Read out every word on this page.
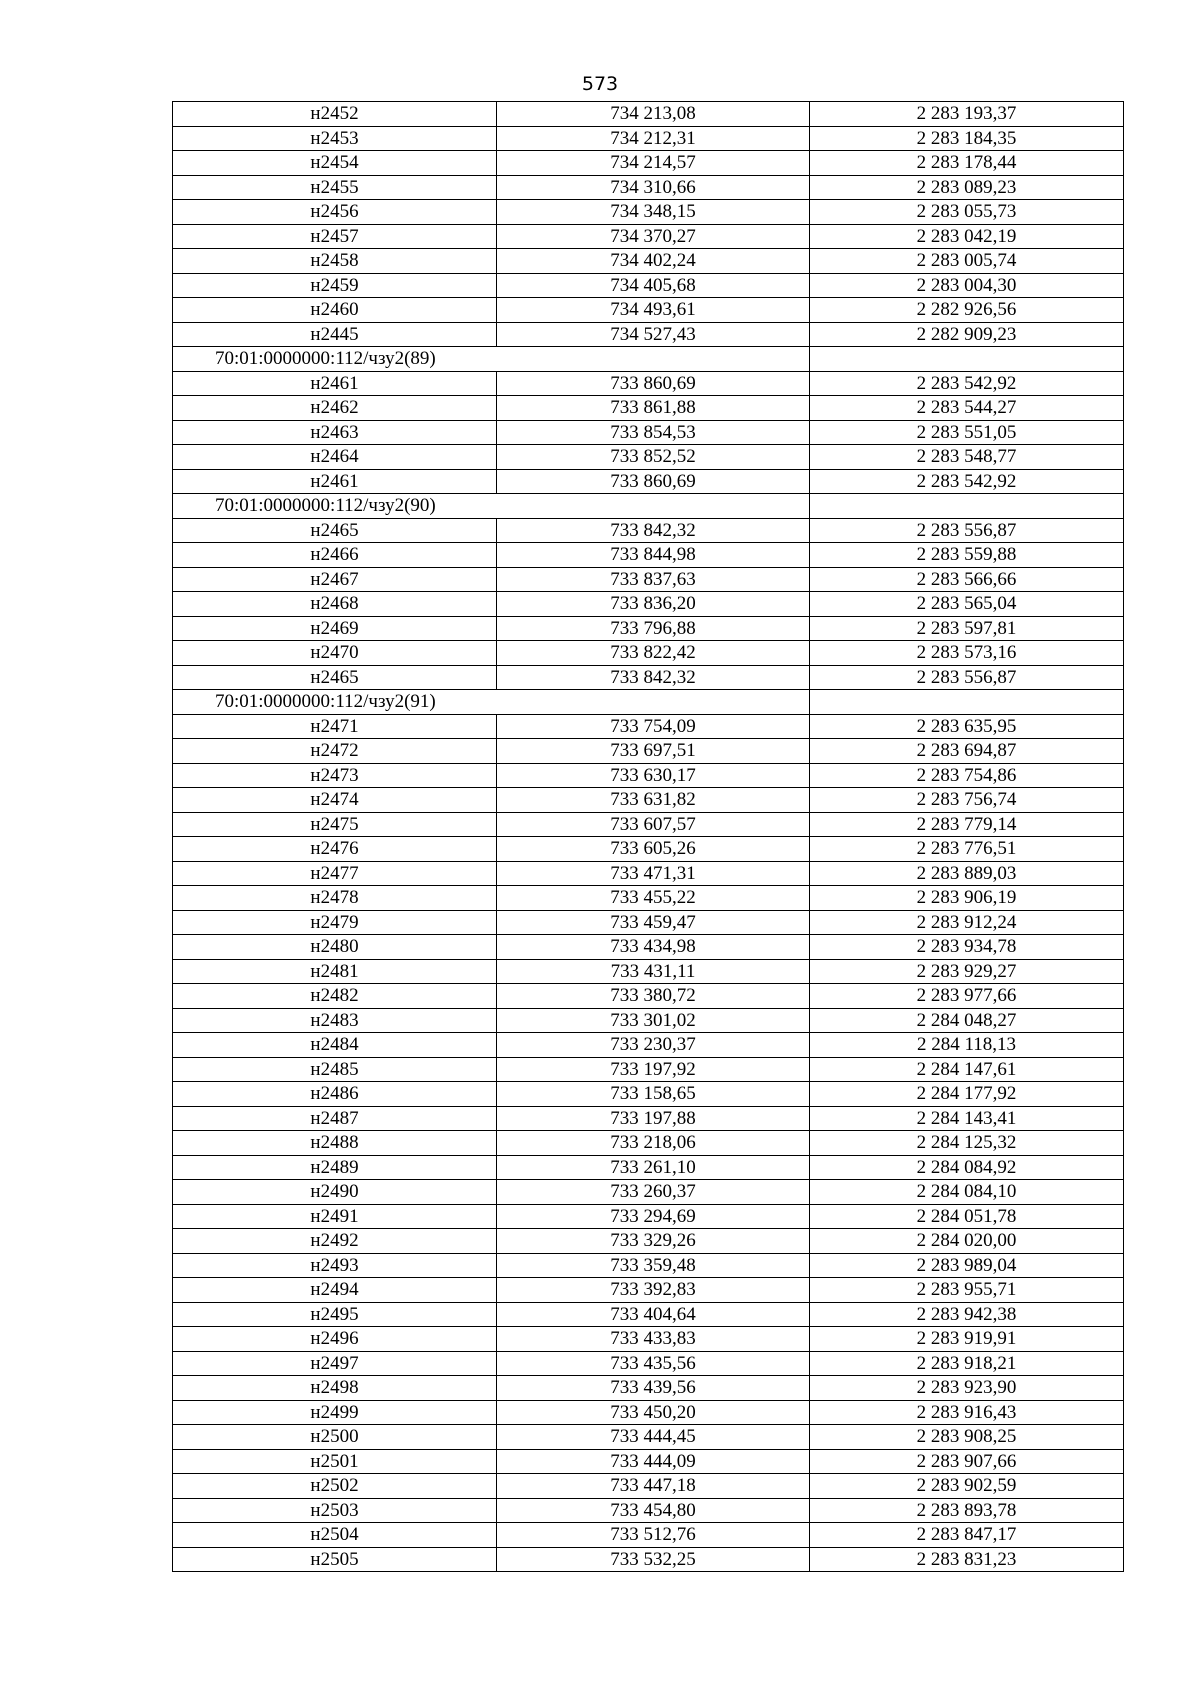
573
н2452	734 213,08	2 283 193,37
н2453	734 212,31	2 283 184,35
н2454	734 214,57	2 283 178,44
н2455	734 310,66	2 283 089,23
н2456	734 348,15	2 283 055,73
н2457	734 370,27	2 283 042,19
н2458	734 402,24	2 283 005,74
н2459	734 405,68	2 283 004,30
н2460	734 493,61	2 282 926,56
н2445	734 527,43	2 282 909,23
70:01:0000000:112/чзу2(89)		
н2461	733 860,69	2 283 542,92
н2462	733 861,88	2 283 544,27
н2463	733 854,53	2 283 551,05
н2464	733 852,52	2 283 548,77
н2461	733 860,69	2 283 542,92
70:01:0000000:112/чзу2(90)		
н2465	733 842,32	2 283 556,87
н2466	733 844,98	2 283 559,88
н2467	733 837,63	2 283 566,66
н2468	733 836,20	2 283 565,04
н2469	733 796,88	2 283 597,81
н2470	733 822,42	2 283 573,16
н2465	733 842,32	2 283 556,87
70:01:0000000:112/чзу2(91)		
н2471	733 754,09	2 283 635,95
н2472	733 697,51	2 283 694,87
н2473	733 630,17	2 283 754,86
н2474	733 631,82	2 283 756,74
н2475	733 607,57	2 283 779,14
н2476	733 605,26	2 283 776,51
н2477	733 471,31	2 283 889,03
н2478	733 455,22	2 283 906,19
н2479	733 459,47	2 283 912,24
н2480	733 434,98	2 283 934,78
н2481	733 431,11	2 283 929,27
н2482	733 380,72	2 283 977,66
н2483	733 301,02	2 284 048,27
н2484	733 230,37	2 284 118,13
н2485	733 197,92	2 284 147,61
н2486	733 158,65	2 284 177,92
н2487	733 197,88	2 284 143,41
н2488	733 218,06	2 284 125,32
н2489	733 261,10	2 284 084,92
н2490	733 260,37	2 284 084,10
н2491	733 294,69	2 284 051,78
н2492	733 329,26	2 284 020,00
н2493	733 359,48	2 283 989,04
н2494	733 392,83	2 283 955,71
н2495	733 404,64	2 283 942,38
н2496	733 433,83	2 283 919,91
н2497	733 435,56	2 283 918,21
н2498	733 439,56	2 283 923,90
н2499	733 450,20	2 283 916,43
н2500	733 444,45	2 283 908,25
н2501	733 444,09	2 283 907,66
н2502	733 447,18	2 283 902,59
н2503	733 454,80	2 283 893,78
н2504	733 512,76	2 283 847,17
н2505	733 532,25	2 283 831,23
